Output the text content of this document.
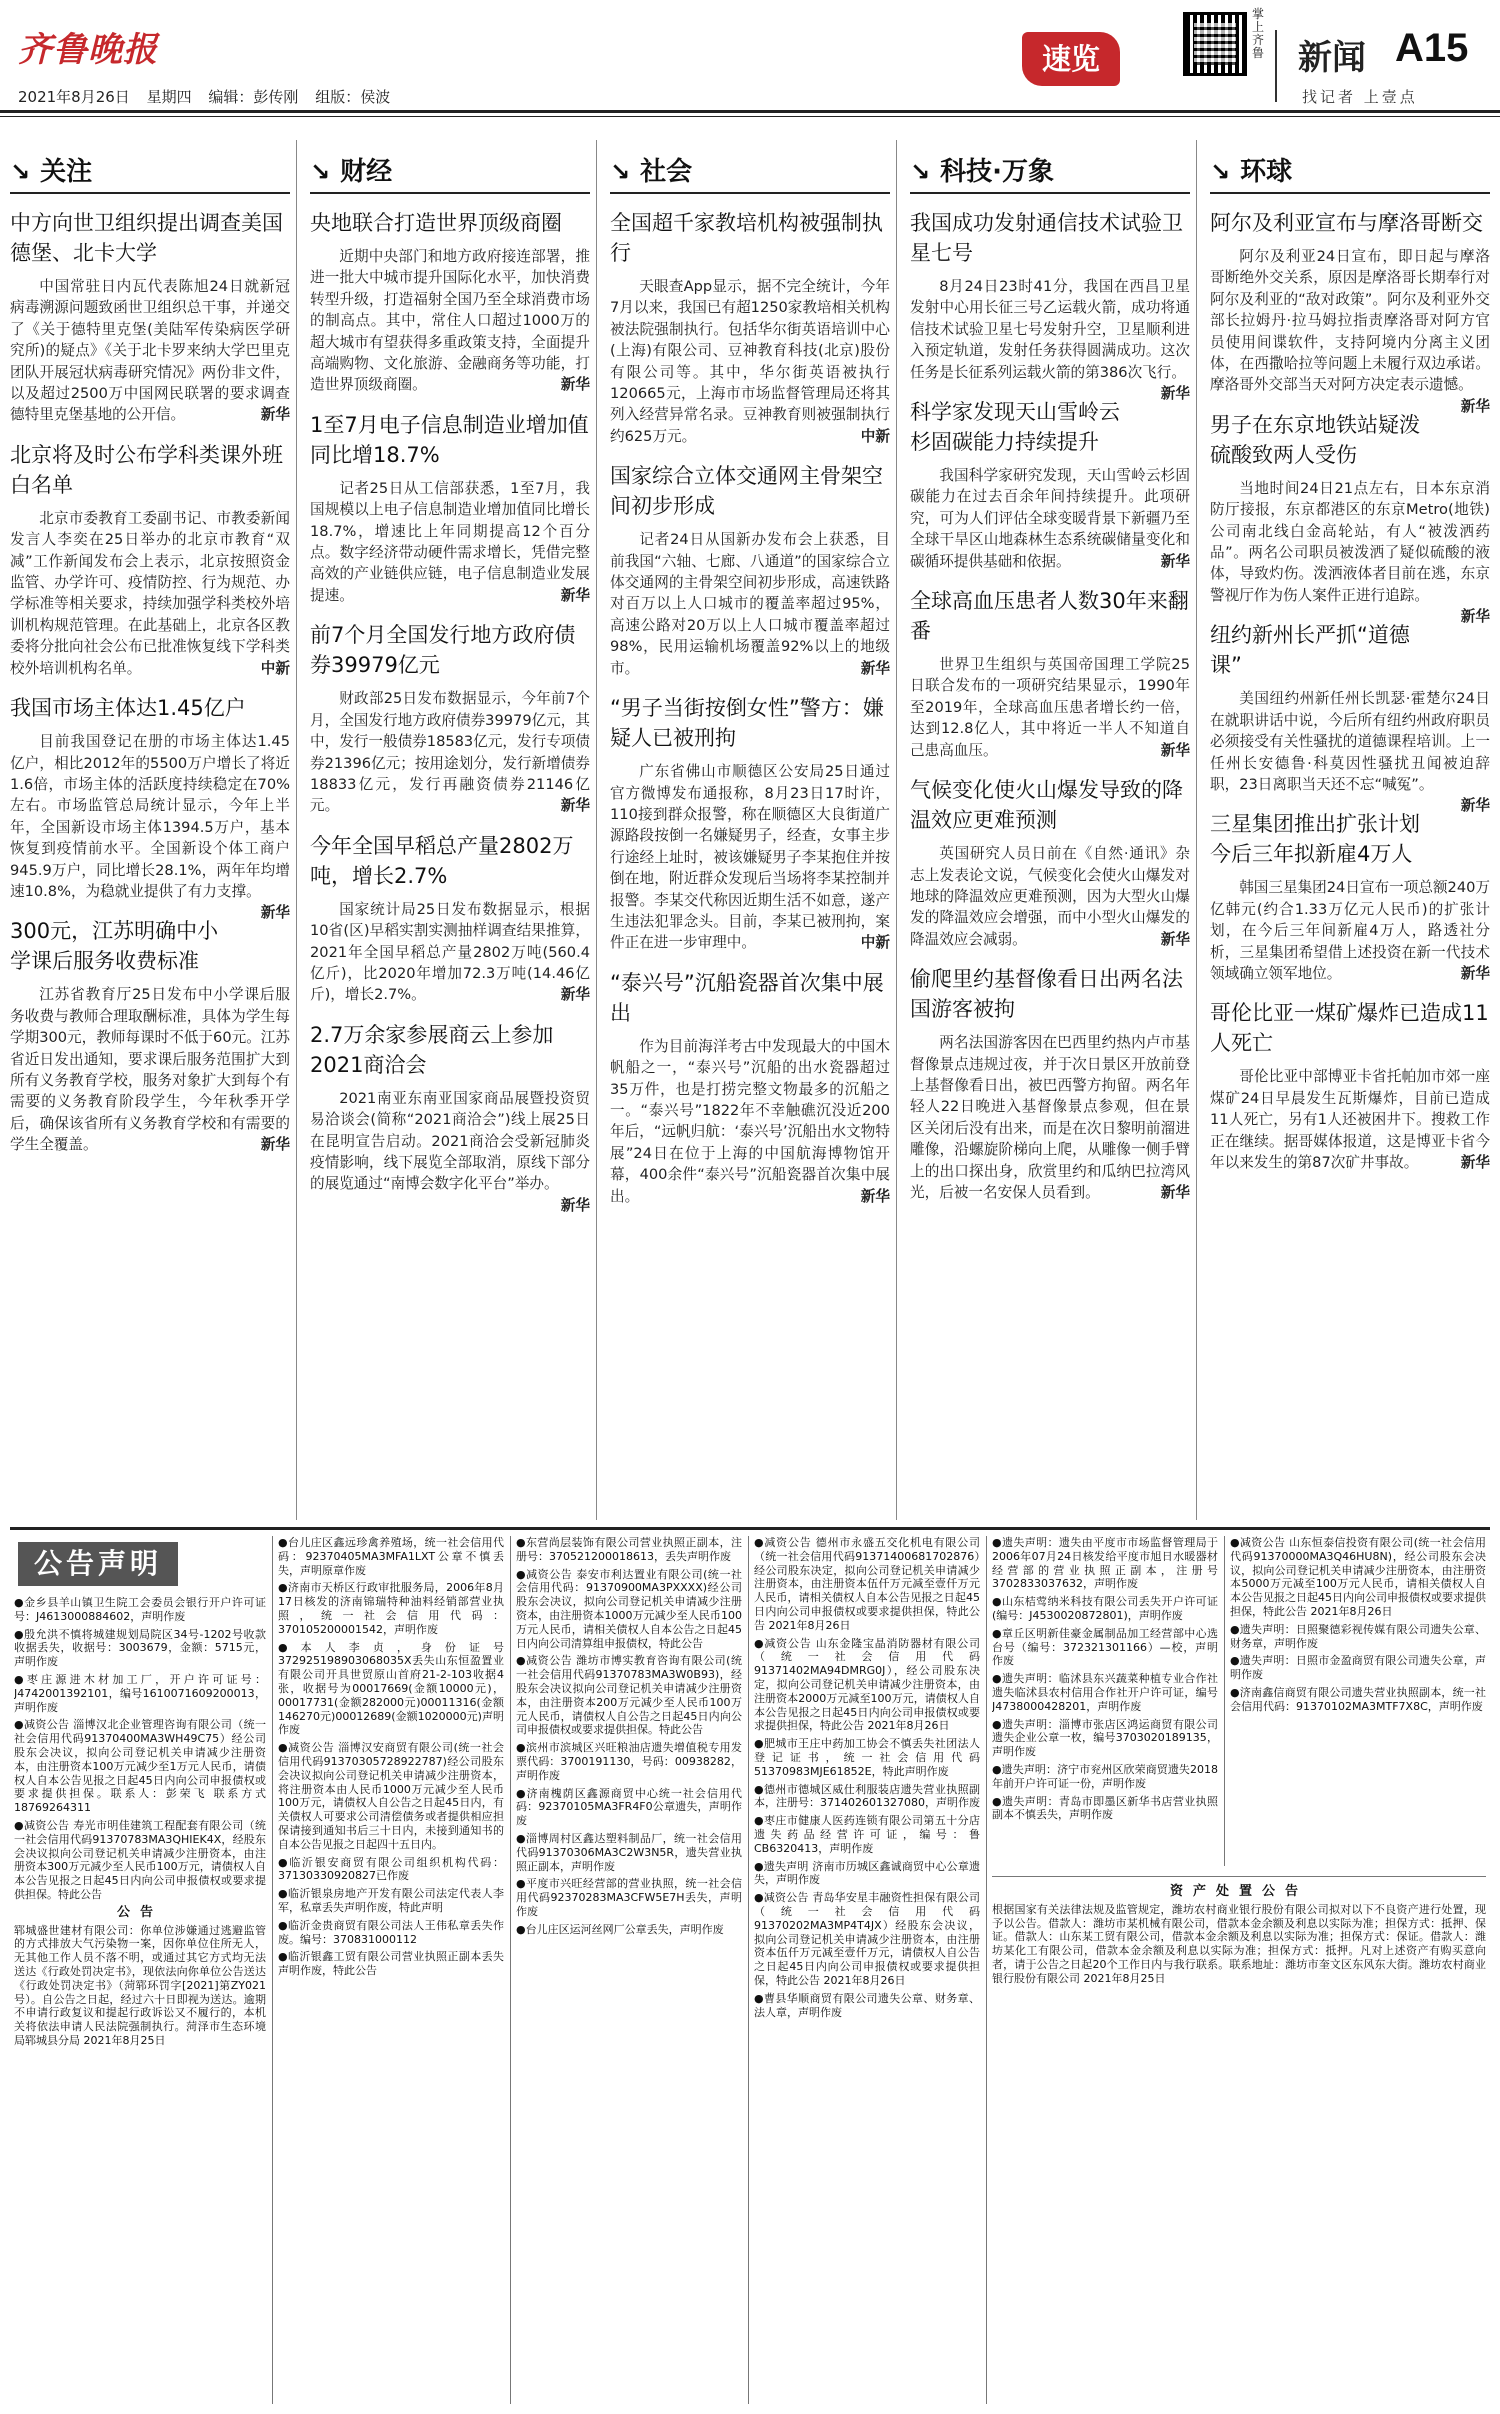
齐鲁晚报
2021年8月26日 星期四 编辑：彭传刚 组版：侯波
速览
掌上齐鲁 新闻 A15
找记者 上壹点
↘ 关注
中方向世卫组织提出调查美国德堡、北卡大学

中国常驻日内瓦代表陈旭24日就新冠病毒溯源问题致函世卫组织总干事，并递交了《关于德特里克堡(美陆军传染病医学研究所)的疑点》《关于北卡罗来纳大学巴里克团队开展冠状病毒研究情况》两份非文件，以及超过2500万中国网民联署的要求调查德特里克堡基地的公开信。	新华

北京将及时公布学科类课外班白名单

北京市委教育工委副书记、市教委新闻发言人李奕在25日举办的北京市教育“双减”工作新闻发布会上表示，北京按照资金监管、办学许可、疫情防控、行为规范、办学标准等相关要求，持续加强学科类校外培训机构规范管理。在此基础上，北京各区教委将分批向社会公布已批准恢复线下学科类校外培训机构名单。	中新

我国市场主体达1.45亿户

目前我国登记在册的市场主体达1.45亿户，相比2012年的5500万户增长了将近1.6倍，市场主体的活跃度持续稳定在70%左右。市场监管总局统计显示，今年上半年，全国新设市场主体1394.5万户，基本恢复到疫情前水平。全国新设个体工商户945.9万户，同比增长28.1%，两年年均增速10.8%，为稳就业提供了有力支撑。
新华

300元，江苏明确中小学课后服务收费标准

江苏省教育厅25日发布中小学课后服务收费与教师合理取酬标准，具体为学生每学期300元，教师每课时不低于60元。江苏省近日发出通知，要求课后服务范围扩大到所有义务教育学校，服务对象扩大到每个有需要的义务教育阶段学生，今年秋季开学后，确保该省所有义务教育学校和有需要的学生全覆盖。	新华

↘ 财经
央地联合打造世界顶级商圈

近期中央部门和地方政府接连部署，推进一批大中城市提升国际化水平，加快消费转型升级，打造福射全国乃至全球消费市场的制高点。其中，常住人口超过1000万的超大城市有望获得多重政策支持，全面提升高端购物、文化旅游、金融商务等功能，打造世界顶级商圈。	新华

1至7月电子信息制造业增加值同比增18.7%

记者25日从工信部获悉，1至7月，我国规模以上电子信息制造业增加值同比增长18.7%，增速比上年同期提高12个百分点。数字经济带动硬件需求增长，凭借完整高效的产业链供应链，电子信息制造业发展提速。	新华

前7个月全国发行地方政府债券39979亿元

财政部25日发布数据显示，今年前7个月，全国发行地方政府债券39979亿元，其中，发行一般债券18583亿元，发行专项债券21396亿元；按用途划分，发行新增债券18833亿元，发行再融资债券21146亿元。	新华

今年全国早稻总产量2802万吨，增长2.7%

国家统计局25日发布数据显示，根据10省(区)早稻实割实测抽样调查结果推算，2021年全国早稻总产量2802万吨(560.4亿斤)，比2020年增加72.3万吨(14.46亿斤)，增长2.7%。	新华

2.7万余家参展商云上参加2021商洽会

2021南亚东南亚国家商品展暨投资贸易洽谈会(简称“2021商洽会”)线上展25日在昆明宣告启动。2021商洽会受新冠肺炎疫情影响，线下展览全部取消，原线下部分的展览通过“南博会数字化平台”举办。
新华

↘ 社会
全国超千家教培机构被强制执行

天眼查App显示，据不完全统计，今年7月以来，我国已有超1250家教培相关机构被法院强制执行。包括华尔街英语培训中心(上海)有限公司、豆神教育科技(北京)股份有限公司等。其中，华尔街英语被执行120665元，上海市市场监督管理局还将其列入经营异常名录。豆神教育则被强制执行约625万元。	中新

国家综合立体交通网主骨架空间初步形成

记者24日从国新办发布会上获悉，目前我国“六轴、七廊、八通道”的国家综合立体交通网的主骨架空间初步形成，高速铁路对百万以上人口城市的覆盖率超过95%，高速公路对20万以上人口城市覆盖率超过98%，民用运输机场覆盖92%以上的地级市。	新华

“男子当街按倒女性”警方：嫌疑人已被刑拘

广东省佛山市顺德区公安局25日通过官方微博发布通报称，8月23日17时许，110接到群众报警，称在顺德区大良街道广源路段按倒一名嫌疑男子，经查，女事主步行途经上址时，被该嫌疑男子李某抱住并按倒在地，附近群众发现后当场将李某控制并报警。李某交代称因近期生活不如意，遂产生违法犯罪念头。目前，李某已被刑拘，案件正在进一步审理中。	中新

“泰兴号”沉船瓷器首次集中展出

作为目前海洋考古中发现最大的中国木帆船之一，“泰兴号”沉船的出水瓷器超过35万件，也是打捞完整文物最多的沉船之一。“泰兴号”1822年不幸触礁沉没近200年后，“远帆归航：‘泰兴号’沉船出水文物特展”24日在位于上海的中国航海博物馆开幕，400余件“泰兴号”沉船瓷器首次集中展出。	新华

↘ 科技·万象
我国成功发射通信技术试验卫星七号

8月24日23时41分，我国在西昌卫星发射中心用长征三号乙运载火箭，成功将通信技术试验卫星七号发射升空，卫星顺利进入预定轨道，发射任务获得圆满成功。这次任务是长征系列运载火箭的第386次飞行。
新华

科学家发现天山雪岭云杉固碳能力持续提升

我国科学家研究发现，天山雪岭云杉固碳能力在过去百余年间持续提升。此项研究，可为人们评估全球变暖背景下新疆乃至全球干旱区山地森林生态系统碳储量变化和碳循环提供基础和依据。	新华

全球高血压患者人数30年来翻番

世界卫生组织与英国帝国理工学院25日联合发布的一项研究结果显示，1990年至2019年，全球高血压患者增长约一倍，达到12.8亿人，其中将近一半人不知道自己患高血压。	新华

气候变化使火山爆发导致的降温效应更难预测

英国研究人员日前在《自然·通讯》杂志上发表论文说，气候变化会使火山爆发对地球的降温效应更难预测，因为大型火山爆发的降温效应会增强，而中小型火山爆发的降温效应会减弱。	新华

偷爬里约基督像看日出两名法国游客被拘

两名法国游客因在巴西里约热内卢市基督像景点违规过夜，并于次日景区开放前登上基督像看日出，被巴西警方拘留。两名年轻人22日晚进入基督像景点参观，但在景区关闭后没有出来，而是在次日黎明前溜进雕像，沿螺旋阶梯向上爬，从雕像一侧手臂上的出口探出身，欣赏里约和瓜纳巴拉湾风光，后被一名安保人员看到。	新华

↘ 环球
阿尔及利亚宣布与摩洛哥断交

阿尔及利亚24日宣布，即日起与摩洛哥断绝外交关系，原因是摩洛哥长期奉行对阿尔及利亚的“敌对政策”。阿尔及利亚外交部长拉姆丹·拉马姆拉指责摩洛哥对阿方官员使用间谍软件，支持阿境内分离主义团体，在西撒哈拉等问题上未履行双边承诺。摩洛哥外交部当天对阿方决定表示遗憾。
新华

男子在东京地铁站疑泼硫酸致两人受伤

当地时间24日21点左右，日本东京消防厅接报，东京都港区的东京Metro(地铁)公司南北线白金高轮站，有人“被泼洒药品”。两名公司职员被泼洒了疑似硫酸的液体，导致灼伤。泼洒液体者目前在逃，东京警视厅作为伤人案件正进行追踪。
新华

纽约新州长严抓“道德课”

美国纽约州新任州长凯瑟·霍楚尔24日在就职讲话中说，今后所有纽约州政府职员必须接受有关性骚扰的道德课程培训。上一任州长安德鲁·科莫因性骚扰丑闻被迫辞职，23日离职当天还不忘“喊冤”。
新华

三星集团推出扩张计划今后三年拟新雇4万人

韩国三星集团24日宣布一项总额240万亿韩元(约合1.33万亿元人民币)的扩张计划，在今后三年间新雇4万人，路透社分析，三星集团希望借上述投资在新一代技术领域确立领军地位。	新华

哥伦比亚一煤矿爆炸已造成11人死亡

哥伦比亚中部博亚卡省托帕加市郊一座煤矿24日早晨发生瓦斯爆炸，目前已造成11人死亡，另有1人还被困井下。搜救工作正在继续。据哥媒体报道，这是博亚卡省今年以来发生的第87次矿井事故。	新华

公告声明

●金乡县羊山镇卫生院工会委员会银行开户许可证号：J4613000884602，声明作废

●殷允洪不慎将城建规划局院区34号-1202号收款收据丢失，收据号：3003679，金额：5715元，声明作废

●枣庄源进木材加工厂，开户许可证号：J4742001392101，编号1610071609200013，声明作废

●减资公告 淄博汉北企业管理咨询有限公司（统一社会信用代码91370400MA3WH49C75）经公司股东会决议，拟向公司登记机关申请减少注册资本，由注册资本100万元减少至1万元人民币，请债权人自本公告见报之日起45日内向公司申报债权或要求提供担保。联系人：彭荣飞 联系方式18769264311

●减资公告 寿光市明佳建筑工程配套有限公司（统一社会信用代码91370783MA3QHIEK4X，经股东会决议拟向公司登记机关申请减少注册资本，由注册资本300万元减少至人民币100万元，请债权人自本公告见报之日起45日内向公司申报债权或要求提供担保。特此公告

公告

郓城盛世建材有限公司：你单位涉嫌通过逃避监管的方式排放大气污染物一案，因你单位住所无人，无其他工作人员不落不明，或通过其它方式均无法送达《行政处罚决定书》，现依法向你单位公告送达《行政处罚决定书》（菏郓环罚字[2021]第ZY021号）。自公告之日起，经过六十日即视为送达。逾期不申请行政复议和提起行政诉讼又不履行的，本机关将依法申请人民法院强制执行。菏泽市生态环境局郓城县分局 2021年8月25日

●台儿庄区鑫远珍禽养殖场，统一社会信用代码：92370405MA3MFA1LXT公章不慎丢失，声明原章作废

●济南市天桥区行政审批服务局，2006年8月17日核发的济南锦瑞特种油料经销部营业执照，统一社会信用代码：370105200001542，声明作废

●本人李贞，身份证号372925198903068035X丢失山东恒盈置业有限公司开具世贸原山首府21-2-103收据4张，收据号为00017669(金额10000元)，00017731(金额282000元)00011316(金额146270元)00012689(金额1020000元)声明作废

●减资公告 淄博汉安商贸有限公司(统一社会信用代码91370305728922787)经公司股东会决议拟向公司登记机关申请减少注册资本，将注册资本由人民币1000万元减少至人民币100万元，请债权人自公告之日起45日内，有关债权人可要求公司清偿债务或者提供相应担保请接到通知书后三十日内，未接到通知书的自本公告见报之日起四十五日内。

●临沂银安商贸有限公司组织机构代码：37130330920827已作废

●临沂银泉房地产开发有限公司法定代表人李军，私章丢失声明作废，特此声明

●临沂金贵商贸有限公司法人王伟私章丢失作废。编号：370831000112

●临沂银鑫工贸有限公司营业执照正副本丢失声明作废，特此公告

●东营尚层装饰有限公司营业执照正副本，注册号：370521200018613，丢失声明作废

●减资公告 泰安市利达置业有限公司(统一社会信用代码：91370900MA3PXXXX)经公司股东会决议，拟向公司登记机关申请减少注册资本，由注册资本1000万元减少至人民币100万元人民币，请相关债权人自本公告之日起45日内向公司清算组申报债权，特此公告

●减资公告 潍坊市博实教育咨询有限公司(统一社会信用代码91370783MA3W0B93)，经股东会决议拟向公司登记机关申请减少注册资本，由注册资本200万元减少至人民币100万元人民币，请债权人自公告之日起45日内向公司申报债权或要求提供担保。特此公告

●滨州市滨城区兴旺粮油店遗失增值税专用发票代码：3700191130，号码：00938282，声明作废

●济南槐荫区鑫源商贸中心统一社会信用代码：92370105MA3FR4F0公章遗失，声明作废

●淄博周村区鑫达塑料制品厂，统一社会信用代码91370306MA3C2W3N5R，遗失营业执照正副本，声明作废

●平度市兴旺经营部的营业执照，统一社会信用代码92370283MA3CFW5E7H丢失，声明作废

●台儿庄区运河丝网厂公章丢失，声明作废

●减资公告 德州市永盛五交化机电有限公司（统一社会信用代码91371400681702876）经公司股东决定，拟向公司登记机关申请减少注册资本，由注册资本伍仟万元减至壹仟万元人民币，请相关债权人自本公告见报之日起45日内向公司申报债权或要求提供担保，特此公告 2021年8月26日

●减资公告 山东金隆宝晶消防器材有限公司（统一社会信用代码91371402MA94DMRG0J），经公司股东决定，拟向公司登记机关申请减少注册资本，由注册资本2000万元减至100万元，请债权人自本公告见报之日起45日内向公司申报债权或要求提供担保，特此公告 2021年8月26日

●肥城市王庄中药加工协会不慎丢失社团法人登记证书，统一社会信用代码51370983MJE61852E，特此声明作废

●德州市德城区威仕利服装店遗失营业执照副本，注册号：371402601327080，声明作废

●枣庄市健康人医药连锁有限公司第五十分店遗失药品经营许可证，编号：鲁CB6320413，声明作废

●遗失声明 济南市历城区鑫诚商贸中心公章遗失，声明作废

●减资公告 青岛华安星丰融资性担保有限公司（统一社会信用代码91370202MA3MP4T4JX）经股东会决议，拟向公司登记机关申请减少注册资本，由注册资本伍仟万元减至壹仟万元，请债权人自公告之日起45日内向公司申报债权或要求提供担保，特此公告 2021年8月26日

●曹县华顺商贸有限公司遗失公章、财务章、法人章，声明作废

●遗失声明：遗失由平度市市场监督管理局于2006年07月24日核发给平度市旭日水暖器材经营部的营业执照正副本，注册号3702833037632，声明作废

●山东桔莺纳米科技有限公司丢失开户许可证(编号：J4530020872801)，声明作废

●章丘区明新佳豪金属制品加工经营部中心选台号（编号：372321301166）—校，声明作废

●遗失声明：临沭县东兴蔬菜种植专业合作社遗失临沭县农村信用合作社开户许可证，编号J4738000428201，声明作废

●遗失声明：淄博市张店区鸿运商贸有限公司遗失企业公章一枚，编号3703020189135，声明作废

●遗失声明：济宁市兖州区欣荣商贸遗失2018年前开户许可证一份，声明作废

●遗失声明：青岛市即墨区新华书店营业执照副本不慎丢失，声明作废

●减资公告 山东恒泰信投资有限公司(统一社会信用代码91370000MA3Q46HU8N)，经公司股东会决议，拟向公司登记机关申请减少注册资本，由注册资本5000万元减至100万元人民币，请相关债权人自本公告见报之日起45日内向公司申报债权或要求提供担保，特此公告 2021年8月26日

●遗失声明：日照聚德彩视传媒有限公司遗失公章、财务章，声明作废

●遗失声明：日照市金盈商贸有限公司遗失公章，声明作废

●济南鑫信商贸有限公司遗失营业执照副本，统一社会信用代码：91370102MA3MTF7X8C，声明作废

资产处置公告

根据国家有关法律法规及监管规定，潍坊农村商业银行股份有限公司拟对以下不良资产进行处置，现予以公告。借款人：潍坊市某机械有限公司，借款本金余额及利息以实际为准；担保方式：抵押、保证。借款人：山东某工贸有限公司，借款本金余额及利息以实际为准；担保方式：保证。借款人：潍坊某化工有限公司，借款本金余额及利息以实际为准；担保方式：抵押。凡对上述资产有购买意向者，请于公告之日起20个工作日内与我行联系。联系地址：潍坊市奎文区东风东大街。潍坊农村商业银行股份有限公司 2021年8月25日
